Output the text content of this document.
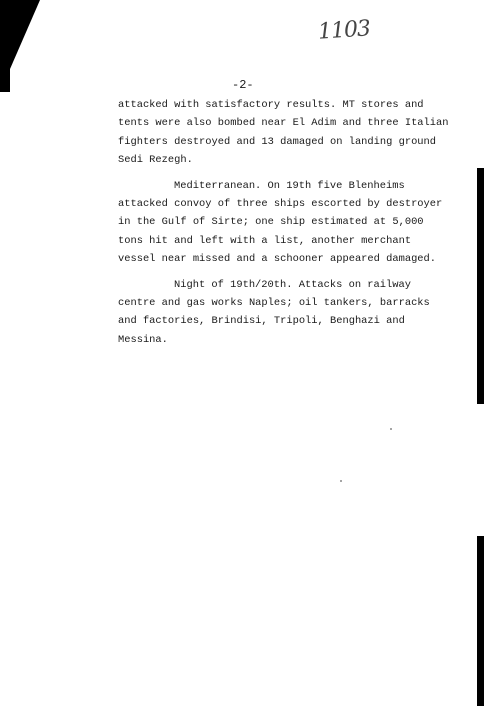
1103
-2-

attacked with satisfactory results. MT stores and
tents were also bombed near El Adim and three Italian
fighters destroyed and 13 damaged on landing ground
Sedi Rezegh.

Mediterranean. On 19th five Blenheims
attacked convoy of three ships escorted by destroyer
in the Gulf of Sirte; one ship estimated at 5,000
tons hit and left with a list, another merchant
vessel near missed and a schooner appeared damaged.

Night of 19th/20th. Attacks on railway
centre and gas works Naples; oil tankers, barracks
and factories, Brindisi, Tripoli, Benghazi and
Messina.
